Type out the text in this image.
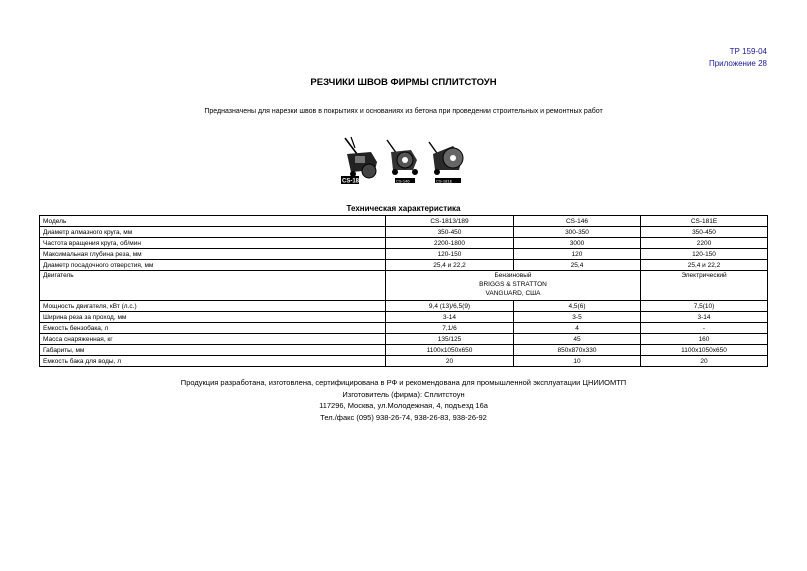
ТР 159-04
Приложение 28
РЕЗЧИКИ ШВОВ ФИРМЫ СПЛИТСТОУН
Предназначены для нарезки швов в покрытиях и основаниях из бетона при проведении строительных и ремонтных работ
CS-1813	CS-146	CS-181E
Техническая характеристика
Модель	CS-1813/189	CS-146	CS-181E
Диаметр алмазного круга, мм	350-450	300-350	350-450
Частота вращения круга, об/мин	2200-1800	3000	2200
Максимальная глубина реза, мм	120-150	120	120-150
Диаметр посадочного отверстия, мм	25,4 и 22,2	25,4	25,4 и 22,2
Двигатель	Бензиновый
BRIGGS & STRATTON
VANGUARD, США		Электрический
Мощность двигателя, кВт (л.с.)	9,4 (13)/6,5(9)	4,5(6)	7,5(10)
Ширина реза за проход, мм	3-14	3-5	3-14
Емкость бензобака, л	7,1/6	4	-
Масса снаряженная, кг	135/125	45	160
Габариты, мм	1100х1050х650	850х870х330	1100х1050х650
Емкость бака для воды, л	20	10	20
Продукция разработана, изготовлена, сертифицирована в РФ и рекомендована для промышленной эксплуатации ЦНИИОМТП
Изготовитель (фирма): Сплитстоун
117296, Москва, ул.Молодежная, 4, подъезд 16а
Тел./факс (095) 938-26-74, 938-26-83, 938-26-92
